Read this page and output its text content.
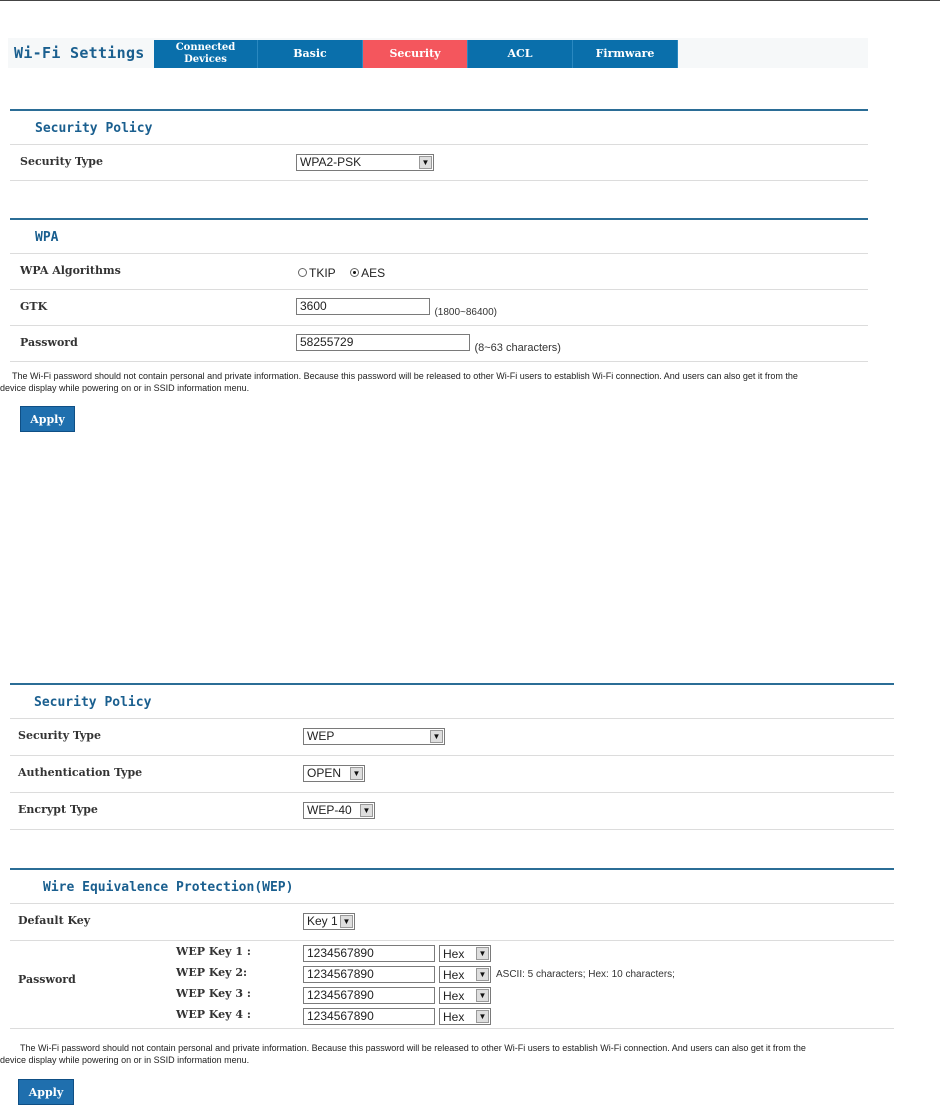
Wi-Fi Settings	Connected Devices	Basic	Security	ACL	Firmware
Security Policy
Security Type	WPA2-PSK	▼
WPA
WPA Algorithms	TKIP AES
GTK	3600	(1800~86400)
Password	58255729	(8~63 characters)
The Wi-Fi password should not contain personal and private information. Because this password will be released to other Wi-Fi users to establish Wi-Fi connection. And users can also get it from the
device display while powering on or in SSID information menu.
Apply
Security Policy
Security Type	WEP	▼
Authentication Type	OPEN	▼
Encrypt Type	WEP-40	▼
Wire Equivalence Protection(WEP)
Default Key	Key 1 ▼
Password
WEP Key 1 :	1234567890	Hex	▼
WEP Key 2:	1234567890	Hex	▼ ASCII: 5 characters; Hex: 10 characters;
WEP Key 3 :	1234567890	Hex	▼
WEP Key 4 :	1234567890	Hex	▼
The Wi-Fi password should not contain personal and private information. Because this password will be released to other Wi-Fi users to establish Wi-Fi connection. And users can also get it from the
device display while powering on or in SSID information menu.
Apply
